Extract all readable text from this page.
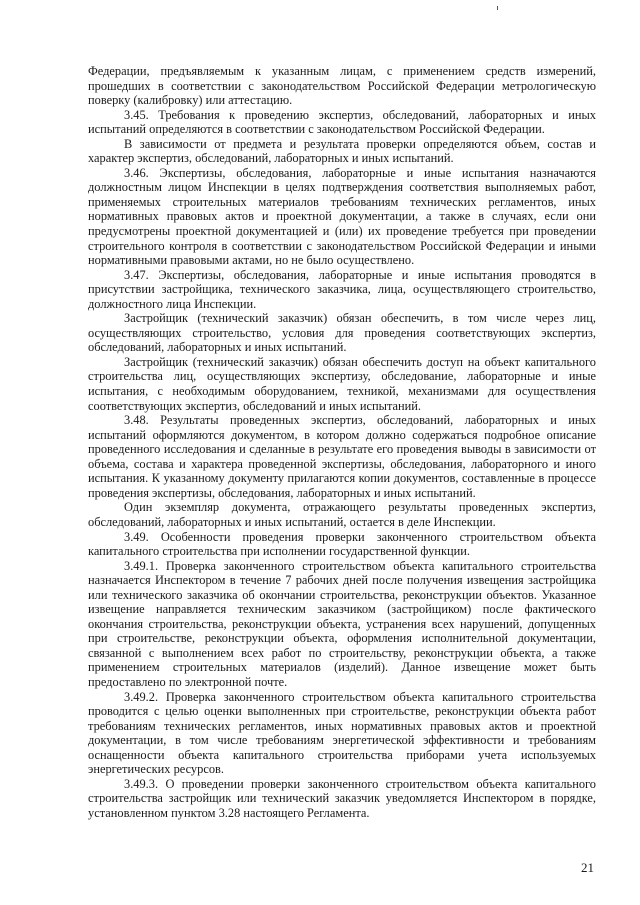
Федерации, предъявляемым к указанным лицам, с применением средств измерений, прошедших в соответствии с законодательством Российской Федерации метрологическую поверку (калибровку) или аттестацию.

3.45. Требования к проведению экспертиз, обследований, лабораторных и иных испытаний определяются в соответствии с законодательством Российской Федерации.

В зависимости от предмета и результата проверки определяются объем, состав и характер экспертиз, обследований, лабораторных и иных испытаний.

3.46. Экспертизы, обследования, лабораторные и иные испытания назначаются должностным лицом Инспекции в целях подтверждения соответствия выполняемых работ, применяемых строительных материалов требованиям технических регламентов, иных нормативных правовых актов и проектной документации, а также в случаях, если они предусмотрены проектной документацией и (или) их проведение требуется при проведении строительного контроля в соответствии с законодательством Российской Федерации и иными нормативными правовыми актами, но не было осуществлено.

3.47. Экспертизы, обследования, лабораторные и иные испытания проводятся в присутствии застройщика, технического заказчика, лица, осуществляющего строительство, должностного лица Инспекции.

Застройщик (технический заказчик) обязан обеспечить, в том числе через лиц, осуществляющих строительство, условия для проведения соответствующих экспертиз, обследований, лабораторных и иных испытаний.

Застройщик (технический заказчик) обязан обеспечить доступ на объект капитального строительства лиц, осуществляющих экспертизу, обследование, лабораторные и иные испытания, с необходимым оборудованием, техникой, механизмами для осуществления соответствующих экспертиз, обследований и иных испытаний.

3.48. Результаты проведенных экспертиз, обследований, лабораторных и иных испытаний оформляются документом, в котором должно содержаться подробное описание проведенного исследования и сделанные в результате его проведения выводы в зависимости от объема, состава и характера проведенной экспертизы, обследования, лабораторного и иного испытания. К указанному документу прилагаются копии документов, составленные в процессе проведения экспертизы, обследования, лабораторных и иных испытаний.

Один экземпляр документа, отражающего результаты проведенных экспертиз, обследований, лабораторных и иных испытаний, остается в деле Инспекции.

3.49. Особенности проведения проверки законченного строительством объекта капитального строительства при исполнении государственной функции.

3.49.1. Проверка законченного строительством объекта капитального строительства назначается Инспектором в течение 7 рабочих дней после получения извещения застройщика или технического заказчика об окончании строительства, реконструкции объектов. Указанное извещение направляется техническим заказчиком (застройщиком) после фактического окончания строительства, реконструкции объекта, устранения всех нарушений, допущенных при строительстве, реконструкции объекта, оформления исполнительной документации, связанной с выполнением всех работ по строительству, реконструкции объекта, а также применением строительных материалов (изделий). Данное извещение может быть предоставлено по электронной почте.

3.49.2. Проверка законченного строительством объекта капитального строительства проводится с целью оценки выполненных при строительстве, реконструкции объекта работ требованиям технических регламентов, иных нормативных правовых актов и проектной документации, в том числе требованиям энергетической эффективности и требованиям оснащенности объекта капитального строительства приборами учета используемых энергетических ресурсов.

3.49.3. О проведении проверки законченного строительством объекта капитального строительства застройщик или технический заказчик уведомляется Инспектором в порядке, установленном пунктом 3.28 настоящего Регламента.

21
